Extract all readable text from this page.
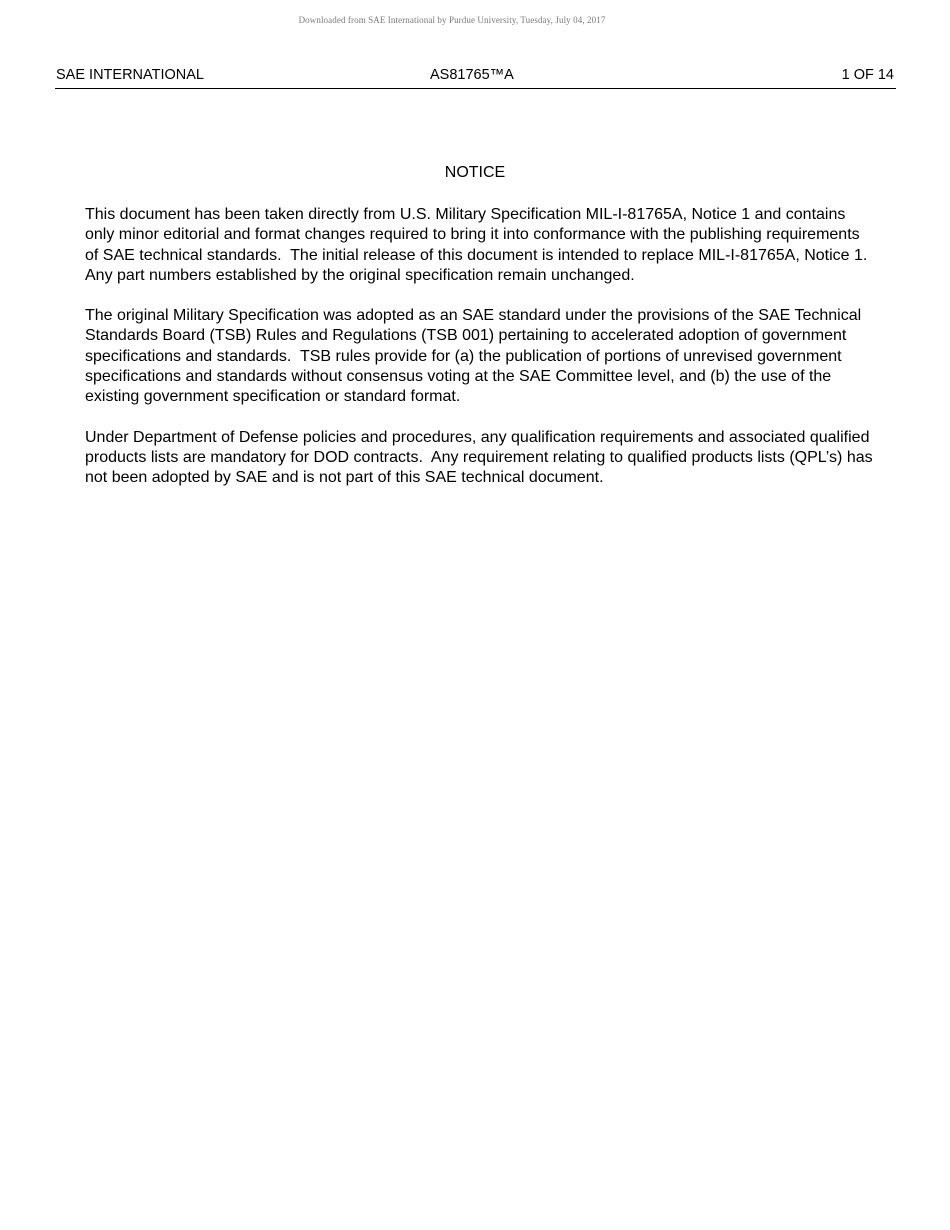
Downloaded from SAE International by Purdue University, Tuesday, July 04, 2017
SAE INTERNATIONAL	AS81765™A	1 OF 14
NOTICE

This document has been taken directly from U.S. Military Specification MIL-I-81765A, Notice 1 and contains only minor editorial and format changes required to bring it into conformance with the publishing requirements of SAE technical standards.  The initial release of this document is intended to replace MIL-I-81765A, Notice 1.  Any part numbers established by the original specification remain unchanged.

The original Military Specification was adopted as an SAE standard under the provisions of the SAE Technical Standards Board (TSB) Rules and Regulations (TSB 001) pertaining to accelerated adoption of government specifications and standards.  TSB rules provide for (a) the publication of portions of unrevised government specifications and standards without consensus voting at the SAE Committee level, and (b) the use of the existing government specification or standard format.

Under Department of Defense policies and procedures, any qualification requirements and associated qualified products lists are mandatory for DOD contracts.  Any requirement relating to qualified products lists (QPL’s) has not been adopted by SAE and is not part of this SAE technical document.
